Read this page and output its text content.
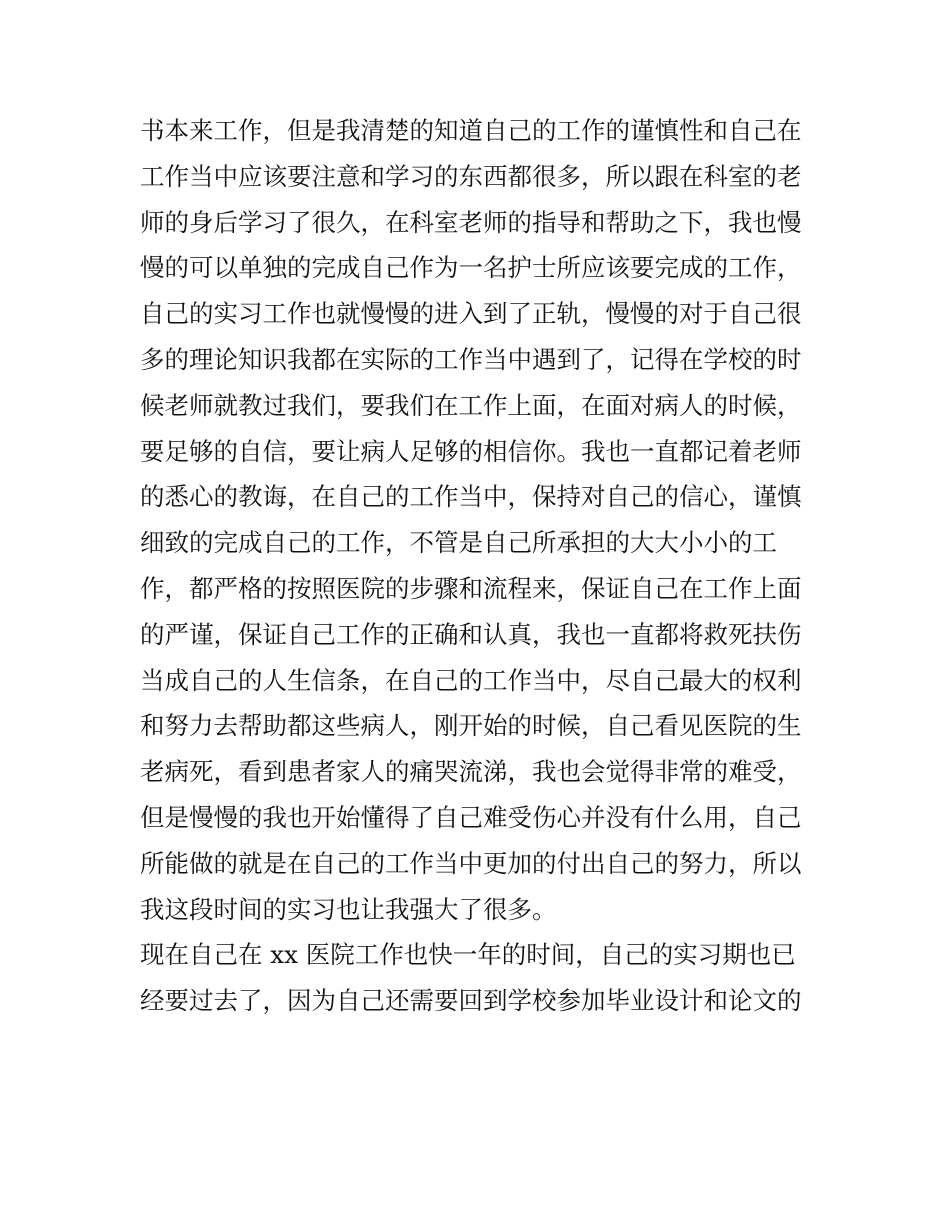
书本来工作，但是我清楚的知道自己的工作的谨慎性和自己在
工作当中应该要注意和学习的东西都很多，所以跟在科室的老
师的身后学习了很久，在科室老师的指导和帮助之下，我也慢
慢的可以单独的完成自己作为一名护士所应该要完成的工作，
自己的实习工作也就慢慢的进入到了正轨，慢慢的对于自己很
多的理论知识我都在实际的工作当中遇到了，记得在学校的时
候老师就教过我们，要我们在工作上面，在面对病人的时候，
要足够的自信，要让病人足够的相信你。我也一直都记着老师
的悉心的教诲，在自己的工作当中，保持对自己的信心，谨慎
细致的完成自己的工作，不管是自己所承担的大大小小的工
作，都严格的按照医院的步骤和流程来，保证自己在工作上面
的严谨，保证自己工作的正确和认真，我也一直都将救死扶伤
当成自己的人生信条，在自己的工作当中，尽自己最大的权利
和努力去帮助都这些病人，刚开始的时候，自己看见医院的生
老病死，看到患者家人的痛哭流涕，我也会觉得非常的难受，
但是慢慢的我也开始懂得了自己难受伤心并没有什么用，自己
所能做的就是在自己的工作当中更加的付出自己的努力，所以
我这段时间的实习也让我强大了很多。
现在自己在 xx 医院工作也快一年的时间，自己的实习期也已
经要过去了，因为自己还需要回到学校参加毕业设计和论文的
